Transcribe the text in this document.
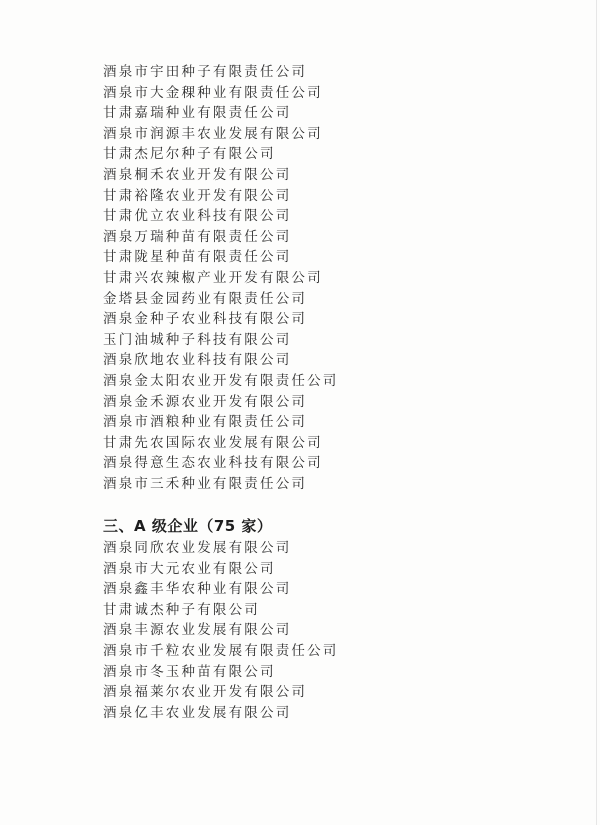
酒泉市宇田种子有限责任公司
酒泉市大金稞种业有限责任公司
甘肃嘉瑞种业有限责任公司
酒泉市润源丰农业发展有限公司
甘肃杰尼尔种子有限公司
酒泉桐禾农业开发有限公司
甘肃裕隆农业开发有限公司
甘肃优立农业科技有限公司
酒泉万瑞种苗有限责任公司
甘肃陇星种苗有限责任公司
甘肃兴农辣椒产业开发有限公司
金塔县金园药业有限责任公司
酒泉金种子农业科技有限公司
玉门油城种子科技有限公司
酒泉欣地农业科技有限公司
酒泉金太阳农业开发有限责任公司
酒泉金禾源农业开发有限公司
酒泉市酒粮种业有限责任公司
甘肃先农国际农业发展有限公司
酒泉得意生态农业科技有限公司
酒泉市三禾种业有限责任公司
三、A 级企业（75 家）
酒泉同欣农业发展有限公司
酒泉市大元农业有限公司
酒泉鑫丰华农种业有限公司
甘肃诚杰种子有限公司
酒泉丰源农业发展有限公司
酒泉市千粒农业发展有限责任公司
酒泉市冬玉种苗有限公司
酒泉福莱尔农业开发有限公司
酒泉亿丰农业发展有限公司
